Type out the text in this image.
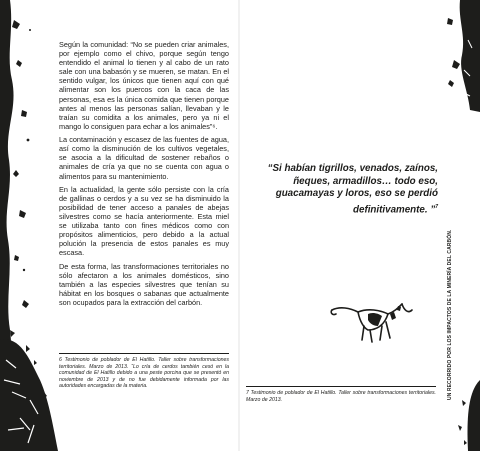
Según la comunidad: “No se pueden criar animales, por ejemplo como el chivo, porque según tengo entendido el animal lo tienen y al cabo de un rato sale con una babasón y se mueren, se matan. En el sentido vulgar, los únicos que tienen aquí con qué alimentar son los puercos con la caca de las personas, esa es la única comida que tienen porque antes al menos las personas salían, llevaban y le traían su comidita a los animales, pero ya ni el mango lo consiguen para echar a los animales”⁶.

La contaminación y escasez de las fuentes de agua, así como la disminución de los cultivos vegetales, se asocia a la dificultad de sostener rebaños o animales de cría ya que no se cuenta con agua o alimentos para su mantenimiento.

En la actualidad, la gente sólo persiste con la cría de gallinas o cerdos y a su vez se ha disminuido la posibilidad de tener acceso a panales de abejas silvestres como se hacía anteriormente. Esta miel se utilizaba tanto con fines médicos como con propósitos alimenticios, pero debido a la actual polución la presencia de estos panales es muy escasa.

De esta forma, las transformaciones territoriales no sólo afectaron a los animales domésticos, sino también a las especies silvestres que tenían su hábitat en los bosques o sabanas que actualmente son ocupados para la extracción del carbón.

6 Testimonio de poblador de El Hatillo. Taller sobre transformaciones territoriales. Marzo de 2013. “Lo cría de cerdos también cesó en la comunidad de El Hatillo debido a una peste porcina que se presentó en noviembre de 2013 y de no fue debidamente informada por las autoridades encargadas de la materia.
“Si habían tigrillos, venados, zaínos, ñeques, armadillos… todo eso, guacamayas y loros, eso se perdió definitivamente. ”$^7$
7 Testimonio de poblador de El Hatillo. Taller sobre transformaciones territoriales. Marzo de 2013.	UN RECORRIDO POR LOS IMPACTOS DE LA MINERÍA DEL CARBÓN.
